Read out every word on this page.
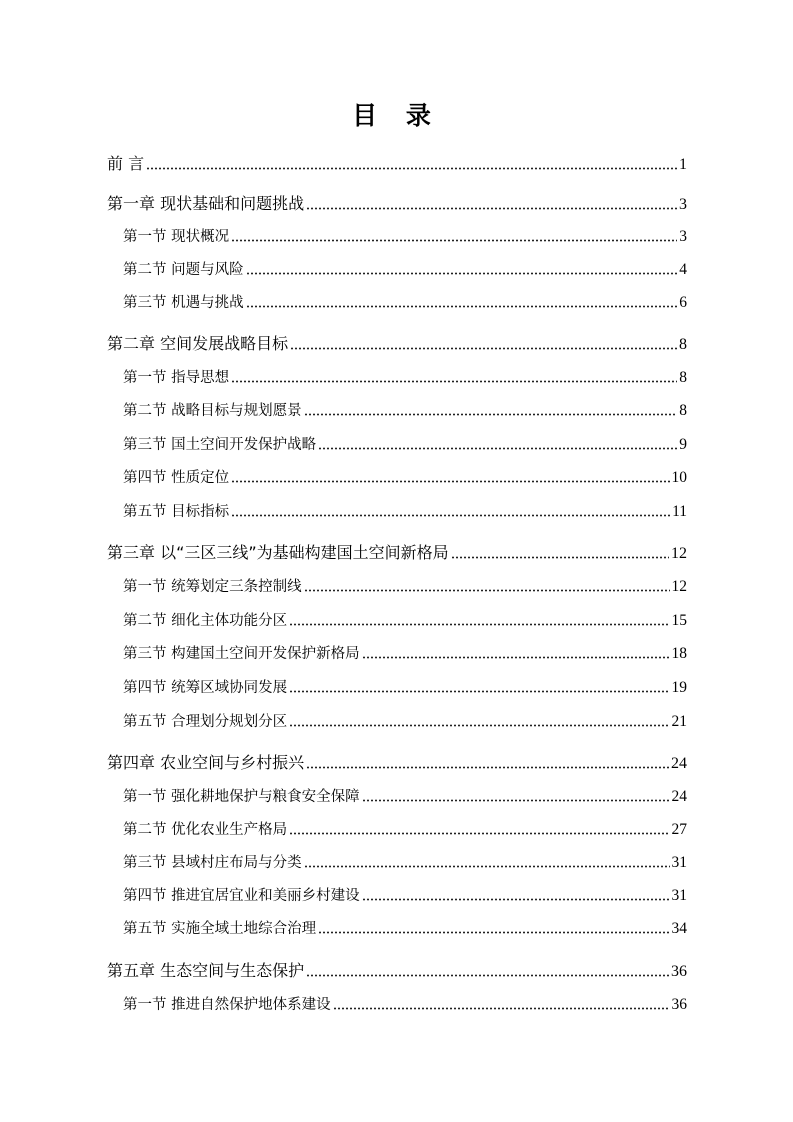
目 录
前 言	1
第一章 现状基础和问题挑战	3
第一节 现状概况	3
第二节 问题与风险	4
第三节 机遇与挑战	6
第二章 空间发展战略目标	8
第一节 指导思想	8
第二节 战略目标与规划愿景	8
第三节 国土空间开发保护战略	9
第四节 性质定位	10
第五节 目标指标	11
第三章 以“三区三线”为基础构建国土空间新格局	12
第一节 统筹划定三条控制线	12
第二节 细化主体功能分区	15
第三节 构建国土空间开发保护新格局	18
第四节 统筹区域协同发展	19
第五节 合理划分规划分区	21
第四章 农业空间与乡村振兴	24
第一节 强化耕地保护与粮食安全保障	24
第二节 优化农业生产格局	27
第三节 县域村庄布局与分类	31
第四节 推进宜居宜业和美丽乡村建设	31
第五节 实施全域土地综合治理	34
第五章 生态空间与生态保护	36
第一节 推进自然保护地体系建设	36
